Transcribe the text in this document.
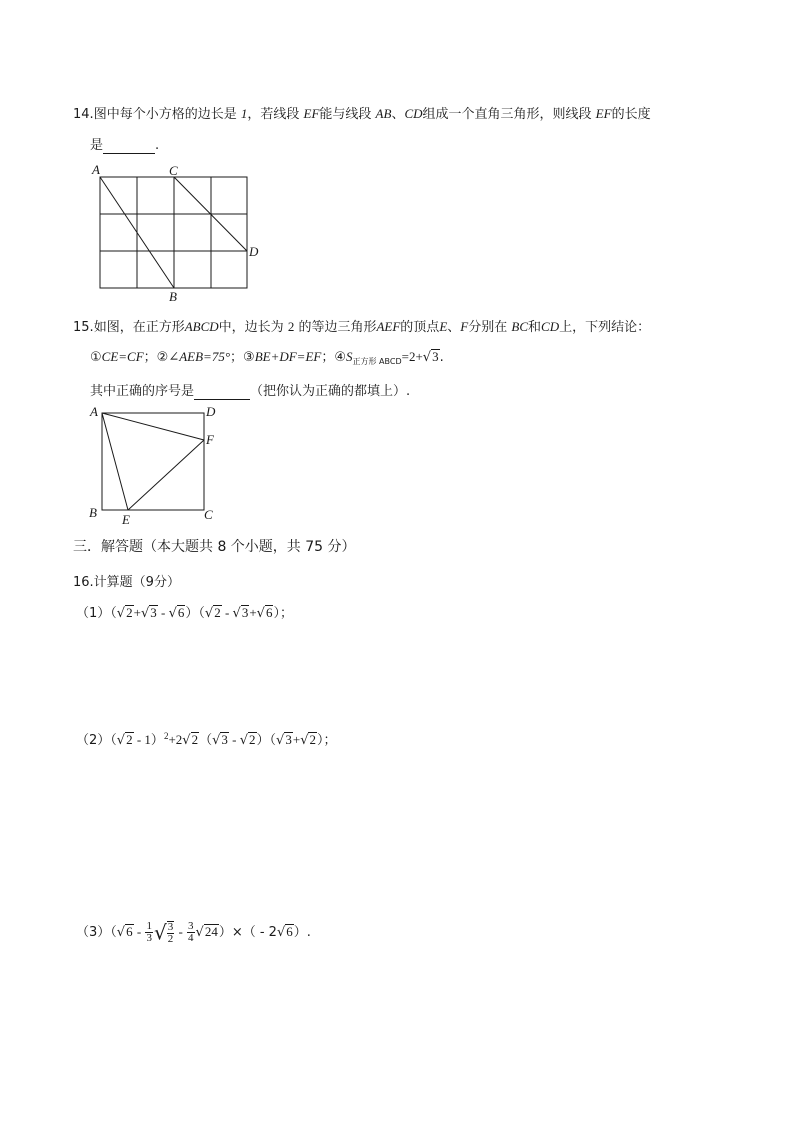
14.图中每个小方格的边长是 1，若线段 EF能与线段 AB、CD组成一个直角三角形，则线段 EF的长度
是	.
A	C
D
B
15.如图，在正方形ABCD中，边长为 2 的等边三角形AEF的顶点E、F分别在 BC和CD上，下列结论：
①CE=CF；②∠AEB=75°；③BE+DF=EF；$④S_{正方形 ABCD}=2+√3$.
其中正确的序号是	（把你认为正确的都填上）.
A	D
F
B E	C
三．解答题（本大题共 8 个小题，共 75 分）
16.计算题（9分）
（1）（√2+√3 - √6）（√2 - √3+√6）；
（2）（√2 - 1）$^2$+2√2（√3 - √2）（√3+√2）；
$(3)(√6 - \frac{1}{3}$ √ $\frac{3}{2} - \frac{3}{4} √24)\times( - 2√6)$.
